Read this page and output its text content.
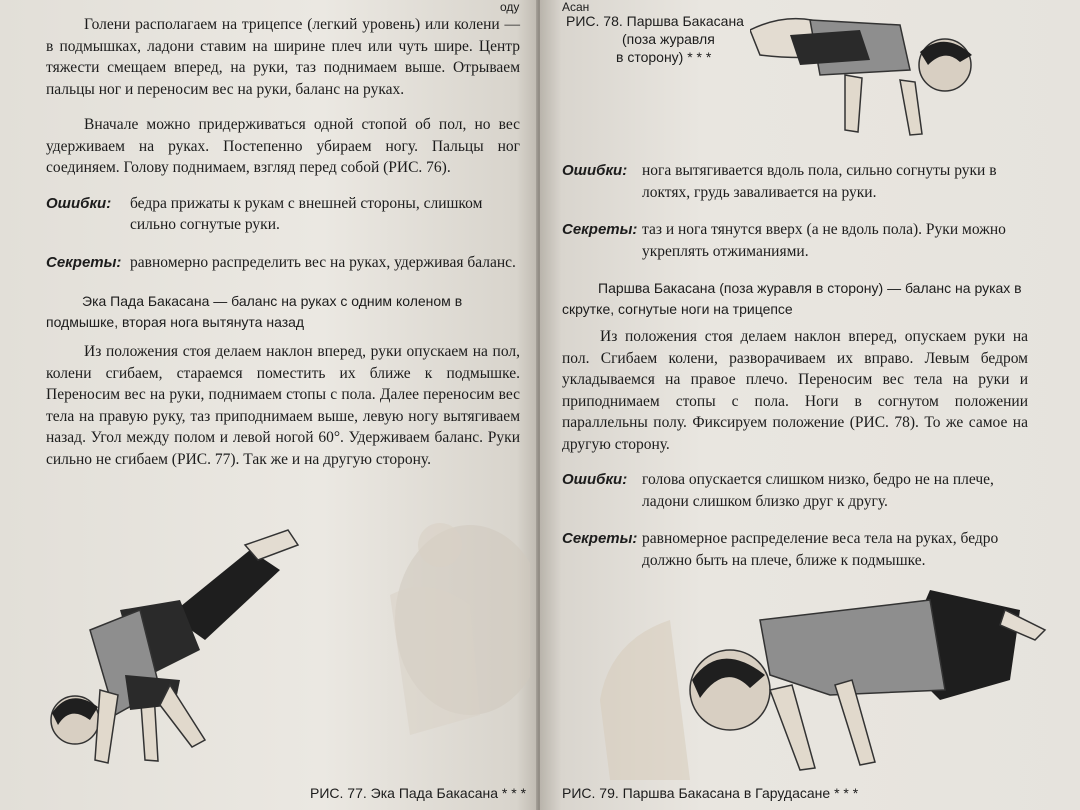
оду

Голени располагаем на трицепсе (легкий уровень) или колени — в подмышках, ладони ставим на ширине плеч или чуть шире. Центр тяжести смещаем вперед, на руки, таз поднимаем выше. Отрываем пальцы ног и переносим вес на руки, баланс на руках.

Вначале можно придерживаться одной стопой об пол, но вес удерживаем на руках. Постепенно убираем ногу. Пальцы ног соединяем. Голову поднимаем, взгляд перед собой (РИС. 76).

Ошибки:	бедра прижаты к рукам с внешней стороны, слишком сильно согнутые руки.
Секреты: равномерно распределить вес на руках, удерживая баланс.

Эка Пада Бакасана — баланс на руках с одним коленом в подмышке, вторая нога вытянута назад

Из положения стоя делаем наклон вперед, руки опускаем на пол, колени сгибаем, стараемся поместить их ближе к подмышке. Переносим вес на руки, поднимаем стопы с пола. Далее переносим вес тела на правую руку, таз приподнимаем выше, левую ногу вытягиваем назад. Угол между полом и левой ногой 60°. Удерживаем баланс. Руки сильно не сгибаем (РИС. 77). Так же и на другую сторону.

РИС. 77. Эка Пада Бакасана * * *
Асан
РИС. 78. Паршва Бакасана
(поза журавля
в сторону) * * *
Ошибки: нога вытягивается вдоль пола, сильно согнуты руки в локтях, грудь заваливается на руки.
Секреты: таз и нога тянутся вверх (а не вдоль пола). Руки можно укреплять отжиманиями.

Паршва Бакасана (поза журавля в сторону) — баланс на руках в скрутке, согнутые ноги на трицепсе

Из положения стоя делаем наклон вперед, опускаем руки на пол. Сгибаем колени, разворачиваем их вправо. Левым бедром укладываемся на правое плечо. Переносим вес тела на руки и приподнимаем стопы с пола. Ноги в согнутом положении параллельны полу. Фиксируем положение (РИС. 78). То же самое на другую сторону.

Ошибки: голова опускается слишком низко, бедро не на плече, ладони слишком близко друг к другу.
Секреты: равномерное распределение веса тела на руках, бедро должно быть на плече, ближе к подмышке.
РИС. 79. Паршва Бакасана в Гарудасане * * *
